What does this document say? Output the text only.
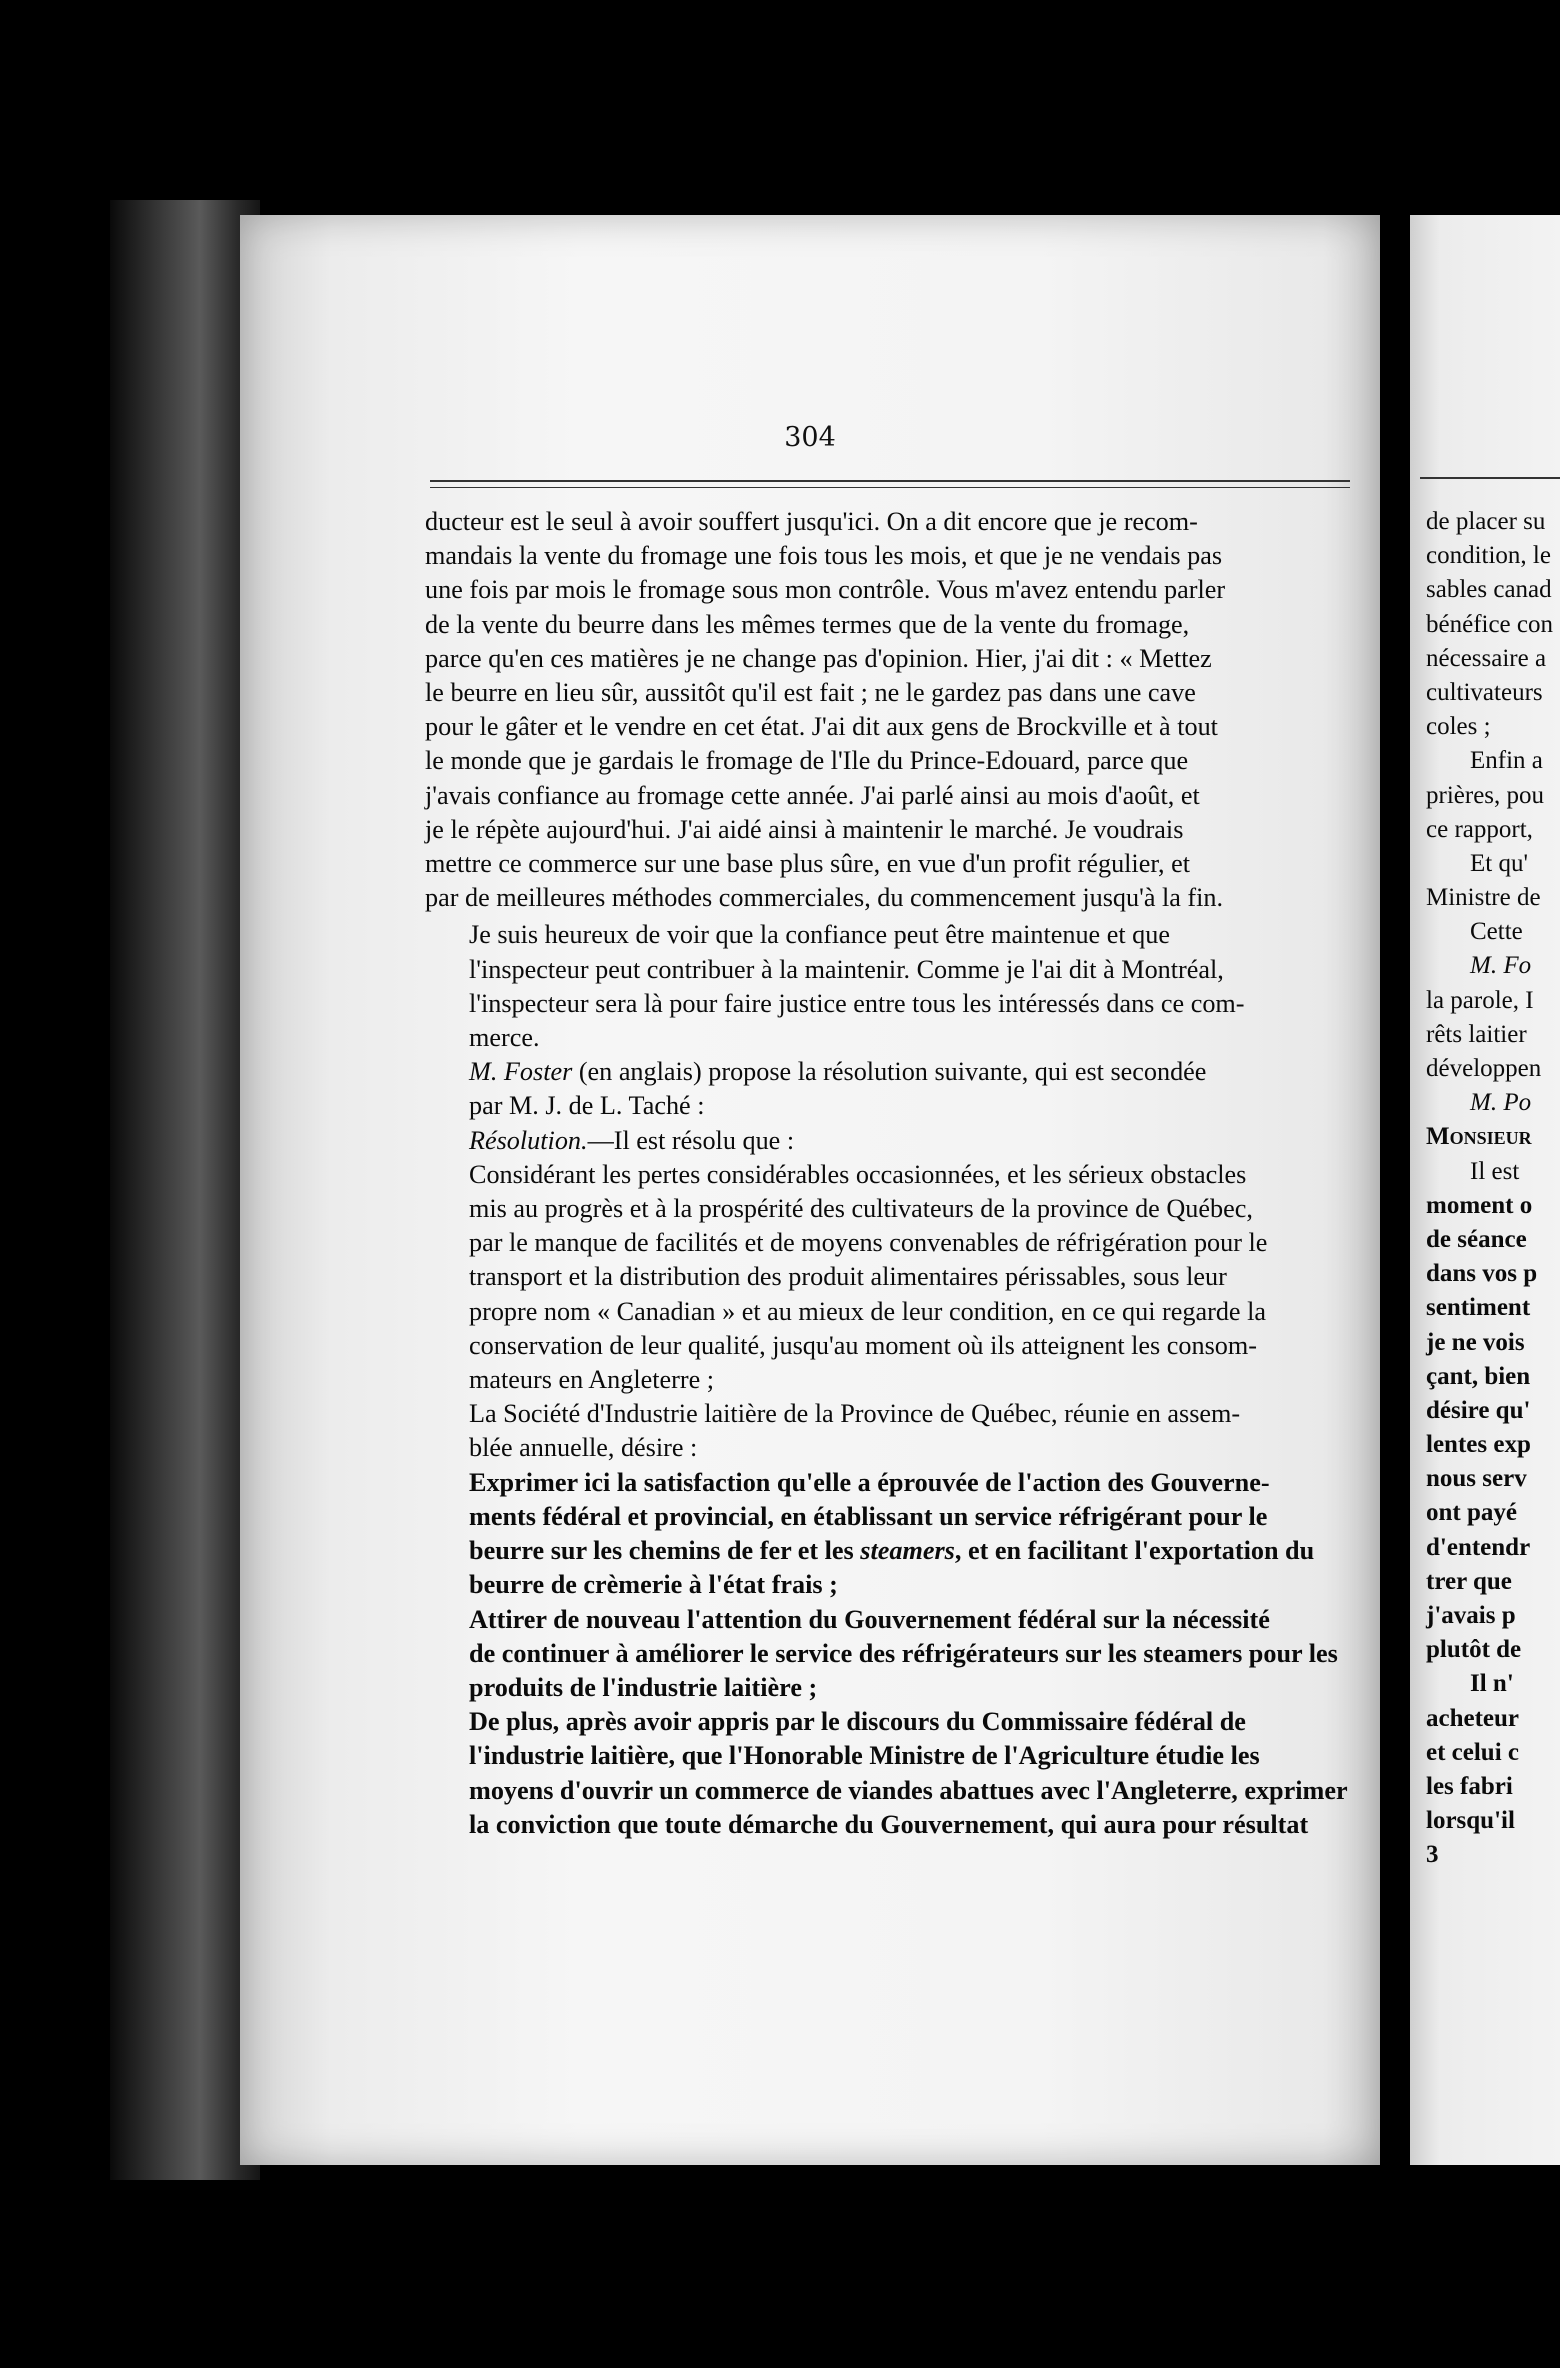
304

ducteur est le seul à avoir souffert jusqu'ici. On a dit encore que je recom-
mandais la vente du fromage une fois tous les mois, et que je ne vendais pas
une fois par mois le fromage sous mon contrôle. Vous m'avez entendu parler
de la vente du beurre dans les mêmes termes que de la vente du fromage,
parce qu'en ces matières je ne change pas d'opinion. Hier, j'ai dit : « Mettez
le beurre en lieu sûr, aussitôt qu'il est fait ; ne le gardez pas dans une cave
pour le gâter et le vendre en cet état. J'ai dit aux gens de Brockville et à tout
le monde que je gardais le fromage de l'Ile du Prince-Edouard, parce que
j'avais confiance au fromage cette année. J'ai parlé ainsi au mois d'août, et
je le répète aujourd'hui. J'ai aidé ainsi à maintenir le marché. Je voudrais
mettre ce commerce sur une base plus sûre, en vue d'un profit régulier, et
par de meilleures méthodes commerciales, du commencement jusqu'à la fin.

Je suis heureux de voir que la confiance peut être maintenue et que
l'inspecteur peut contribuer à la maintenir. Comme je l'ai dit à Montréal,
l'inspecteur sera là pour faire justice entre tous les intéressés dans ce com-
merce.

M. Foster (en anglais) propose la résolution suivante, qui est secondée
par M. J. de L. Taché :

Résolution.—Il est résolu que :

Considérant les pertes considérables occasionnées, et les sérieux obstacles
mis au progrès et à la prospérité des cultivateurs de la province de Québec,
par le manque de facilités et de moyens convenables de réfrigération pour le
transport et la distribution des produit alimentaires périssables, sous leur
propre nom « Canadian » et au mieux de leur condition, en ce qui regarde la
conservation de leur qualité, jusqu'au moment où ils atteignent les consom-
mateurs en Angleterre ;

La Société d'Industrie laitière de la Province de Québec, réunie en assem-
blée annuelle, désire :

Exprimer ici la satisfaction qu'elle a éprouvée de l'action des Gouverne-
ments fédéral et provincial, en établissant un service réfrigérant pour le
beurre sur les chemins de fer et les steamers, et en facilitant l'exportation du
beurre de crèmerie à l'état frais ;

Attirer de nouveau l'attention du Gouvernement fédéral sur la nécessité
de continuer à améliorer le service des réfrigérateurs sur les steamers pour les
produits de l'industrie laitière ;

De plus, après avoir appris par le discours du Commissaire fédéral de
l'industrie laitière, que l'Honorable Ministre de l'Agriculture étudie les
moyens d'ouvrir un commerce de viandes abattues avec l'Angleterre, exprimer
la conviction que toute démarche du Gouvernement, qui aura pour résultat

de placer su
condition, le
sables canad
bénéfice con
nécessaire a
cultivateurs
coles ;
Enfin a
prières, pou
ce rapport,
Et qu'
Ministre de
Cette
M. Fo
la parole, I
rêts laitier
développen
M. Po
Monsieur
Il est
moment o
de séance
dans vos p
sentiment
je ne vois
çant, bien
désire qu'
lentes exp
nous serv
ont payé
d'entendr
trer que
j'avais p
plutôt de
Il n'
acheteur
et celui c
les fabri
lorsqu'il
3
